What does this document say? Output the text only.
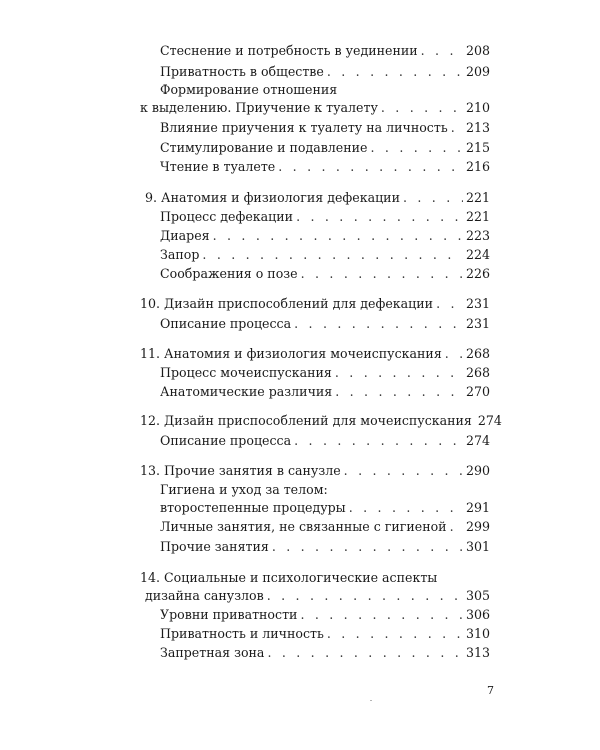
Стеснение и потребность в уединении . . .	208
Приватность в обществе . . .	209
Формирование отношения
к выделению. Приучение к туалету . . .	210
Влияние приучения к туалету на личность . . . 213
Стимулирование и подавление . . .	215
Чтение в туалете . . .	216
9. Анатомия и физиология дефекации . . .	221
Процесс дефекации . . .	221
Диарея . . .	223
Запор . . .	224
Соображения о позе . . .	226
10. Дизайн приспособлений для дефекации . . .	231
Описание процесса . . .	231
11. Анатомия и физиология мочеиспускания . . . 268
Процесс мочеиспускания . . .	268
Анатомические различия . . .	270
12. Дизайн приспособлений для мочеиспускания 274
Описание процесса . . .	274
13. Прочие занятия в санузле . . .	290
Гигиена и уход за телом:
второстепенные процедуры . . .	291
Личные занятия, не связанные с гигиеной . . . 299
Прочие занятия . . .	301
14. Социальные и психологические аспекты
дизайна санузлов . . .	305
Уровни приватности . . .	306
Приватность и личность . . .	310
Запретная зона . . .	313
7
